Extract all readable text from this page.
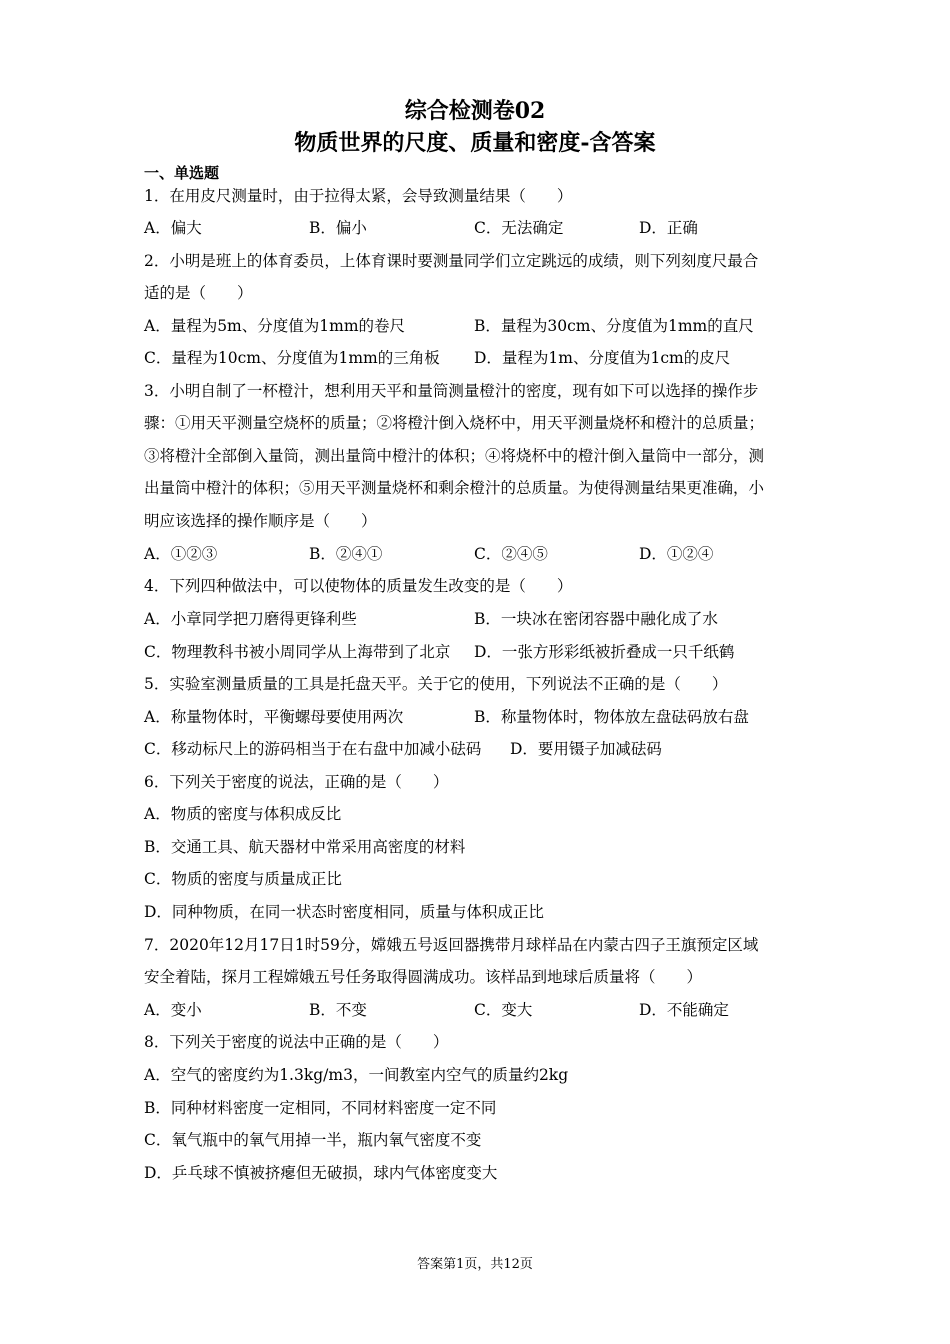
综合检测卷02
物质世界的尺度、质量和密度-含答案
一、单选题
1．在用皮尺测量时，由于拉得太紧，会导致测量结果（　　）
A．偏大	B．偏小	C．无法确定	D．正确
2．小明是班上的体育委员，上体育课时要测量同学们立定跳远的成绩，则下列刻度尺最合
适的是（　　）
A．量程为5m、分度值为1mm的卷尺	B．量程为30cm、分度值为1mm的直尺
C．量程为10cm、分度值为1mm的三角板 D．量程为1m、分度值为1cm的皮尺
3．小明自制了一杯橙汁，想利用天平和量筒测量橙汁的密度，现有如下可以选择的操作步
骤：①用天平测量空烧杯的质量；②将橙汁倒入烧杯中，用天平测量烧杯和橙汁的总质量；
③将橙汁全部倒入量筒，测出量筒中橙汁的体积；④将烧杯中的橙汁倒入量筒中一部分，测
出量筒中橙汁的体积；⑤用天平测量烧杯和剩余橙汁的总质量。为使得测量结果更准确，小
明应该选择的操作顺序是（　　）
A．①②③	B．②④①	C．②④⑤	D．①②④
4．下列四种做法中，可以使物体的质量发生改变的是（　　）
A．小章同学把刀磨得更锋利些	B．一块冰在密闭容器中融化成了水
C．物理教科书被小周同学从上海带到了北京 D．一张方形彩纸被折叠成一只千纸鹤
5．实验室测量质量的工具是托盘天平。关于它的使用，下列说法不正确的是（　　）
A．称量物体时，平衡螺母要使用两次	B．称量物体时，物体放左盘砝码放右盘
C．移动标尺上的游码相当于在右盘中加减小砝码 D．要用镊子加减砝码
6．下列关于密度的说法，正确的是（　　）
A．物质的密度与体积成反比
B．交通工具、航天器材中常采用高密度的材料
C．物质的密度与质量成正比
D．同种物质，在同一状态时密度相同，质量与体积成正比
7．2020年12月17日1时59分，嫦娥五号返回器携带月球样品在内蒙古四子王旗预定区域
安全着陆，探月工程嫦娥五号任务取得圆满成功。该样品到地球后质量将（　　）
A．变小	B．不变	C．变大	D．不能确定
8．下列关于密度的说法中正确的是（　　）
A．空气的密度约为1.3kg/m3，一间教室内空气的质量约2kg
B．同种材料密度一定相同，不同材料密度一定不同
C．氧气瓶中的氧气用掉一半，瓶内氧气密度不变
D．乒乓球不慎被挤瘪但无破损，球内气体密度变大
答案第1页，共12页
